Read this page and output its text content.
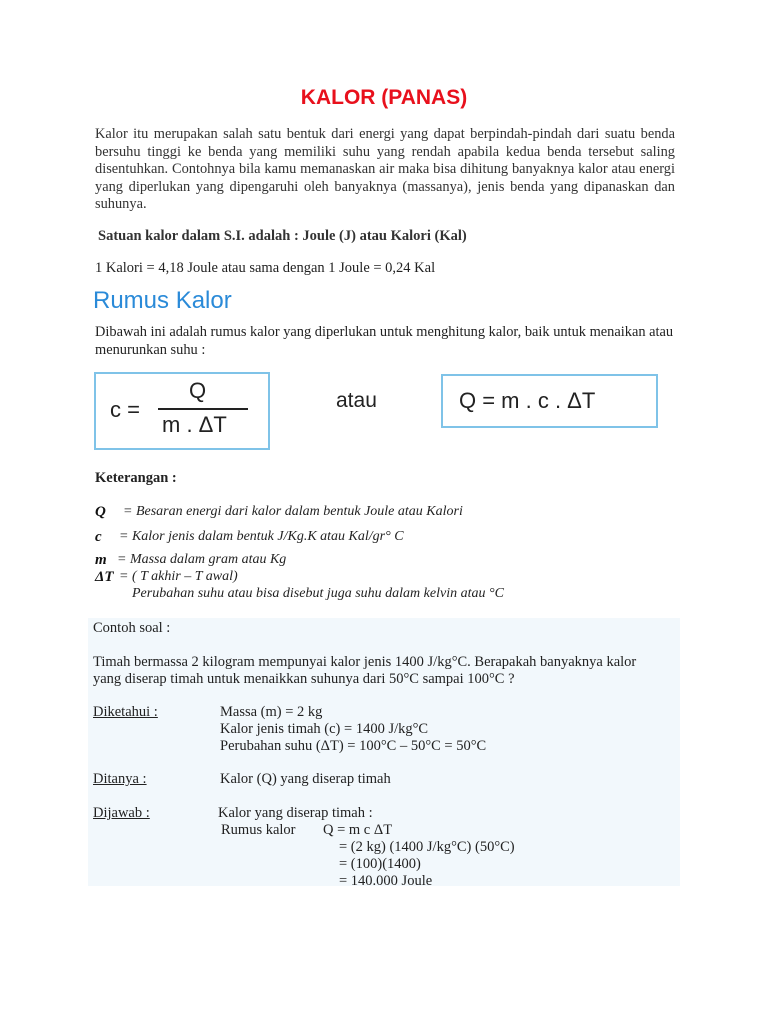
KALOR (PANAS)
Kalor itu merupakan salah satu bentuk dari energi yang dapat berpindah-pindah dari suatu benda bersuhu tinggi ke benda yang memiliki suhu yang rendah apabila kedua benda tersebut saling disentuhkan. Contohnya bila kamu memanaskan air maka bisa dihitung banyaknya kalor atau energi yang diperlukan yang dipengaruhi oleh banyaknya (massanya), jenis benda yang dipanaskan dan suhunya.
Satuan kalor dalam S.I. adalah : Joule (J) atau Kalori (Kal)
1 Kalori = 4,18 Joule atau sama dengan 1 Joule = 0,24 Kal
Rumus Kalor
Dibawah ini adalah rumus kalor yang diperlukan untuk menghitung kalor, baik untuk menaikan atau menurunkan suhu :
c =
Q
m . ΔT
atau	Q = m . c . ΔT
Keterangan :
Q = Besaran energi dari kalor dalam bentuk Joule atau Kalori
c = Kalor jenis dalam bentuk J/Kg.K atau Kal/gr° C
m = Massa dalam gram atau Kg
ΔT = ( T akhir – T awal)
Perubahan suhu atau bisa disebut juga suhu dalam kelvin atau °C
Contoh soal :
Timah bermassa 2 kilogram mempunyai kalor jenis 1400 J/kg°C. Berapakah banyaknya kalor
yang diserap timah untuk menaikkan suhunya dari 50°C sampai 100°C ?
Diketahui :	Massa (m) = 2 kg
Kalor jenis timah (c) = 1400 J/kg°C
Perubahan suhu (ΔT) = 100°C – 50°C = 50°C
Ditanya :	Kalor (Q) yang diserap timah
Dijawab :	Kalor yang diserap timah :
Rumus kalor Q = m c ΔT
= (2 kg) (1400 J/kg°C) (50°C)
= (100)(1400)
= 140.000 Joule
